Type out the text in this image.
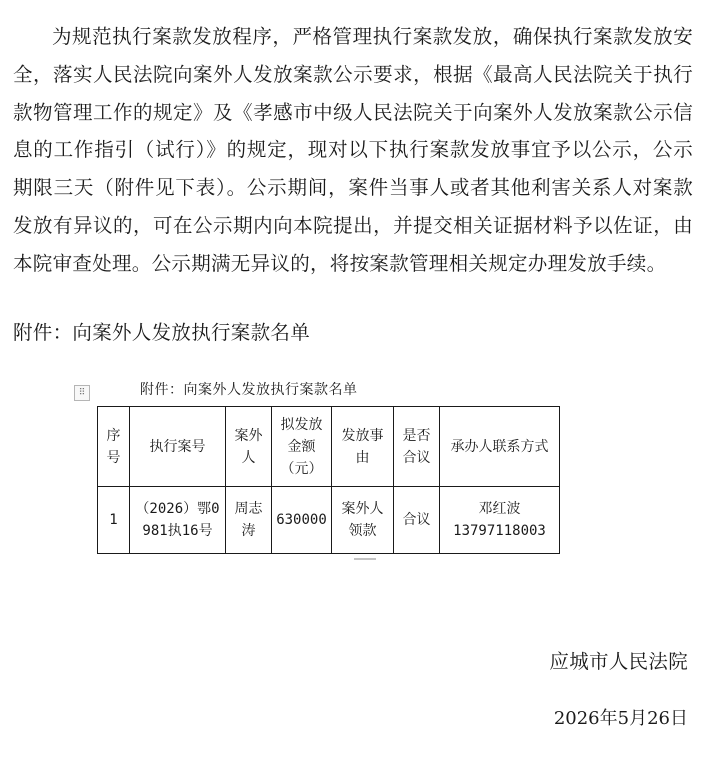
为规范执行案款发放程序，严格管理执行案款发放，确保执行案款发放安全，落实人民法院向案外人发放案款公示要求，根据《最高人民法院关于执行款物管理工作的规定》及《孝感市中级人民法院关于向案外人发放案款公示信息的工作指引（试行）》的规定，现对以下执行案款发放事宜予以公示，公示期限三天（附件见下表）。公示期间，案件当事人或者其他利害关系人对案款发放有异议的，可在公示期内向本院提出，并提交相关证据材料予以佐证，由本院审查处理。公示期满无异议的，将按案款管理相关规定办理发放手续。

附件：向案外人发放执行案款名单

⠿	附件：向案外人发放执行案款名单

序号	执行案号	案外人	拟发放金额（元）	发放事由	是否合议	承办人联系方式
1	（2026）鄂0981执16号	周志涛	630000	案外人领款	合议	邓红波
13797118003

应城市人民法院

2026年5月26日
